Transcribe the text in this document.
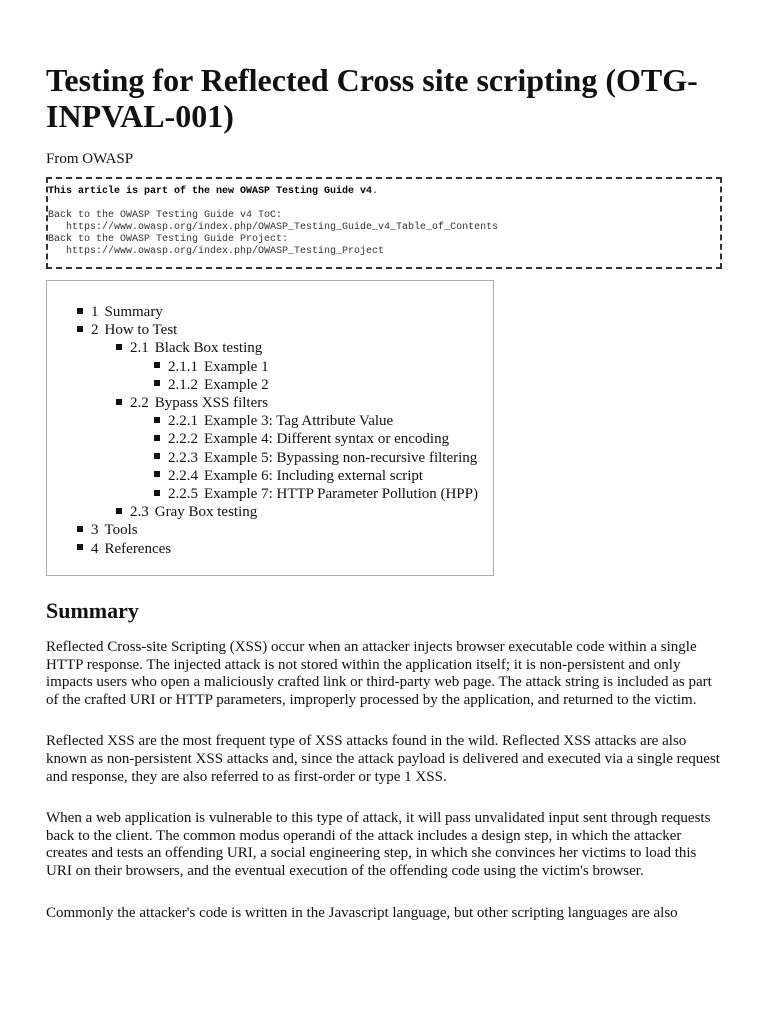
Testing for Reflected Cross site scripting (OTG-INPVAL-001)
From OWASP
This article is part of the new OWASP Testing Guide v4.
Back to the OWASP Testing Guide v4 ToC:
https://www.owasp.org/index.php/OWASP_Testing_Guide_v4_Table_of_Contents
Back to the OWASP Testing Guide Project:
https://www.owasp.org/index.php/OWASP_Testing_Project
1 Summary
2 How to Test
2.1 Black Box testing
2.1.1 Example 1
2.1.2 Example 2
2.2 Bypass XSS filters
2.2.1 Example 3: Tag Attribute Value
2.2.2 Example 4: Different syntax or encoding
2.2.3 Example 5: Bypassing non-recursive filtering
2.2.4 Example 6: Including external script
2.2.5 Example 7: HTTP Parameter Pollution (HPP)
2.3 Gray Box testing
3 Tools
4 References
Summary

Reflected Cross-site Scripting (XSS) occur when an attacker injects browser executable code within a single HTTP response. The injected attack is not stored within the application itself; it is non-persistent and only impacts users who open a maliciously crafted link or third-party web page. The attack string is included as part of the crafted URI or HTTP parameters, improperly processed by the application, and returned to the victim.

Reflected XSS are the most frequent type of XSS attacks found in the wild. Reflected XSS attacks are also known as non-persistent XSS attacks and, since the attack payload is delivered and executed via a single request and response, they are also referred to as first-order or type 1 XSS.

When a web application is vulnerable to this type of attack, it will pass unvalidated input sent through requests back to the client. The common modus operandi of the attack includes a design step, in which the attacker creates and tests an offending URI, a social engineering step, in which she convinces her victims to load this URI on their browsers, and the eventual execution of the offending code using the victim's browser.

Commonly the attacker's code is written in the Javascript language, but other scripting languages are also
